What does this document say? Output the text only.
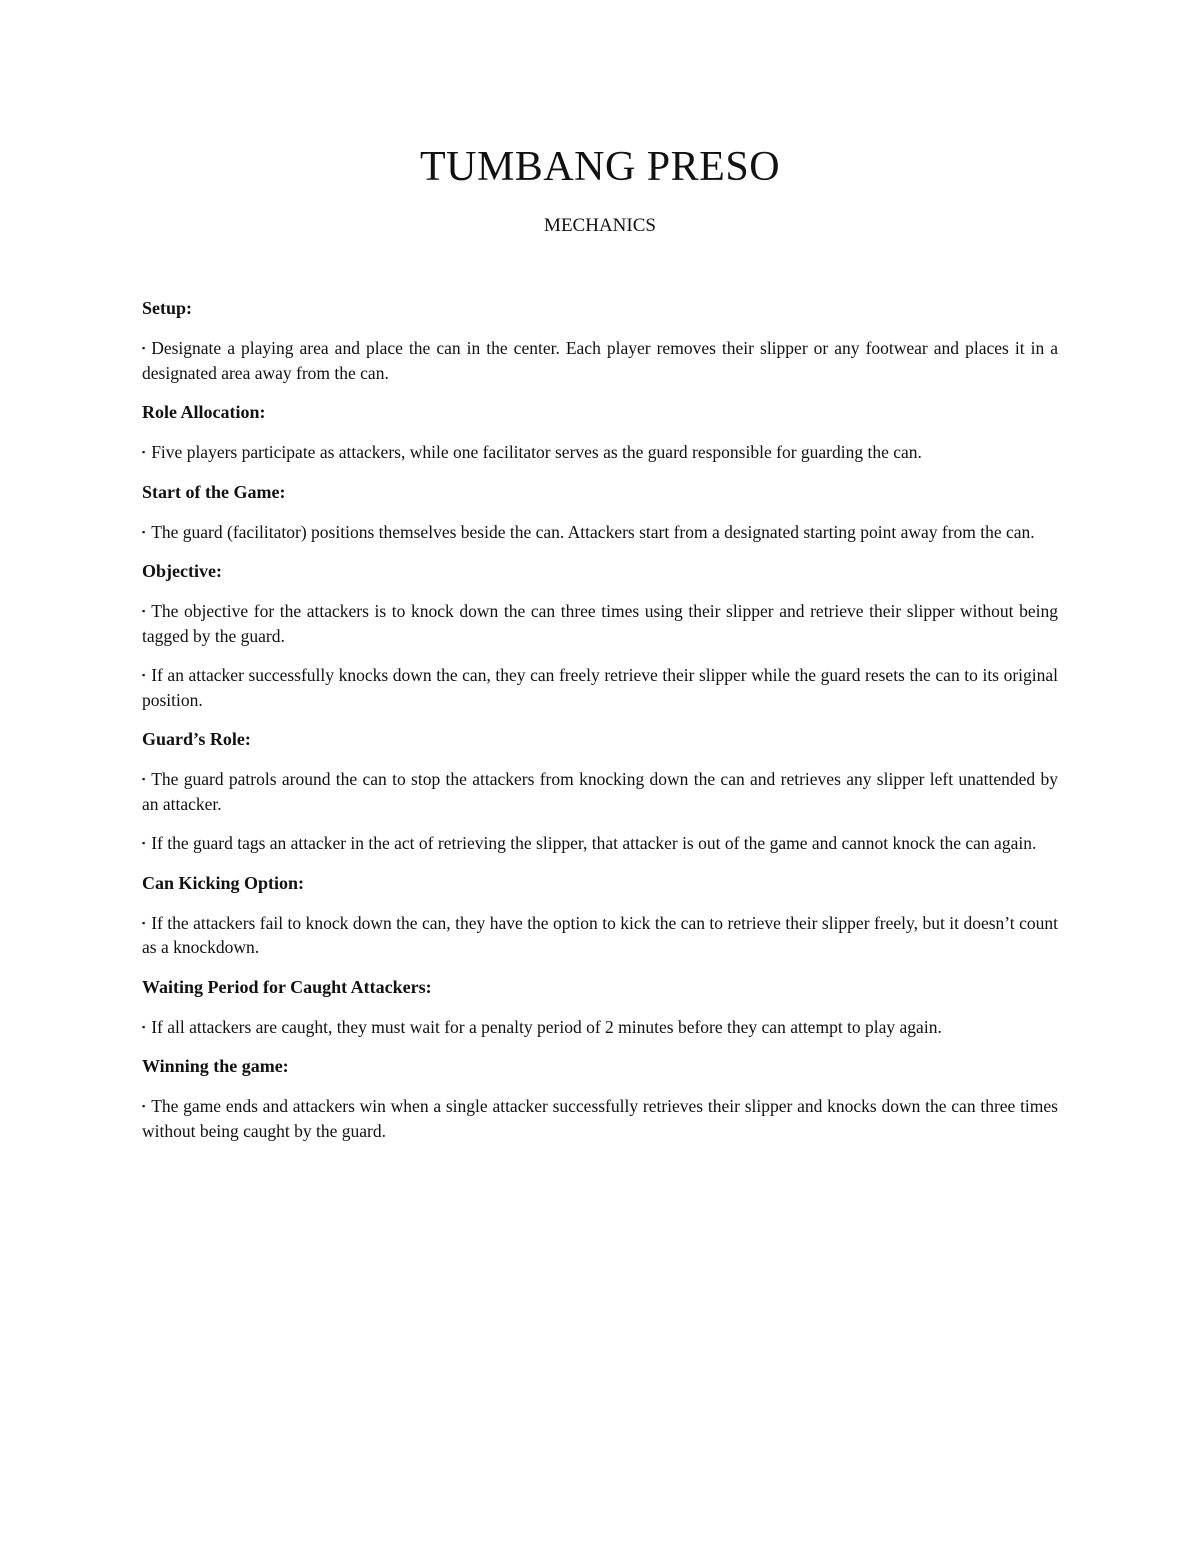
TUMBANG PRESO
MECHANICS
Setup:

▪ Designate a playing area and place the can in the center. Each player removes their slipper or any footwear and places it in a designated area away from the can.

Role Allocation:

▪ Five players participate as attackers, while one facilitator serves as the guard responsible for guarding the can.

Start of the Game:

▪ The guard (facilitator) positions themselves beside the can. Attackers start from a designated starting point away from the can.

Objective:

▪ The objective for the attackers is to knock down the can three times using their slipper and retrieve their slipper without being tagged by the guard.

▪ If an attacker successfully knocks down the can, they can freely retrieve their slipper while the guard resets the can to its original position.

Guard’s Role:

▪ The guard patrols around the can to stop the attackers from knocking down the can and retrieves any slipper left unattended by an attacker.

▪ If the guard tags an attacker in the act of retrieving the slipper, that attacker is out of the game and cannot knock the can again.

Can Kicking Option:

▪ If the attackers fail to knock down the can, they have the option to kick the can to retrieve their slipper freely, but it doesn’t count as a knockdown.

Waiting Period for Caught Attackers:

▪ If all attackers are caught, they must wait for a penalty period of 2 minutes before they can attempt to play again.

Winning the game:

▪ The game ends and attackers win when a single attacker successfully retrieves their slipper and knocks down the can three times without being caught by the guard.
